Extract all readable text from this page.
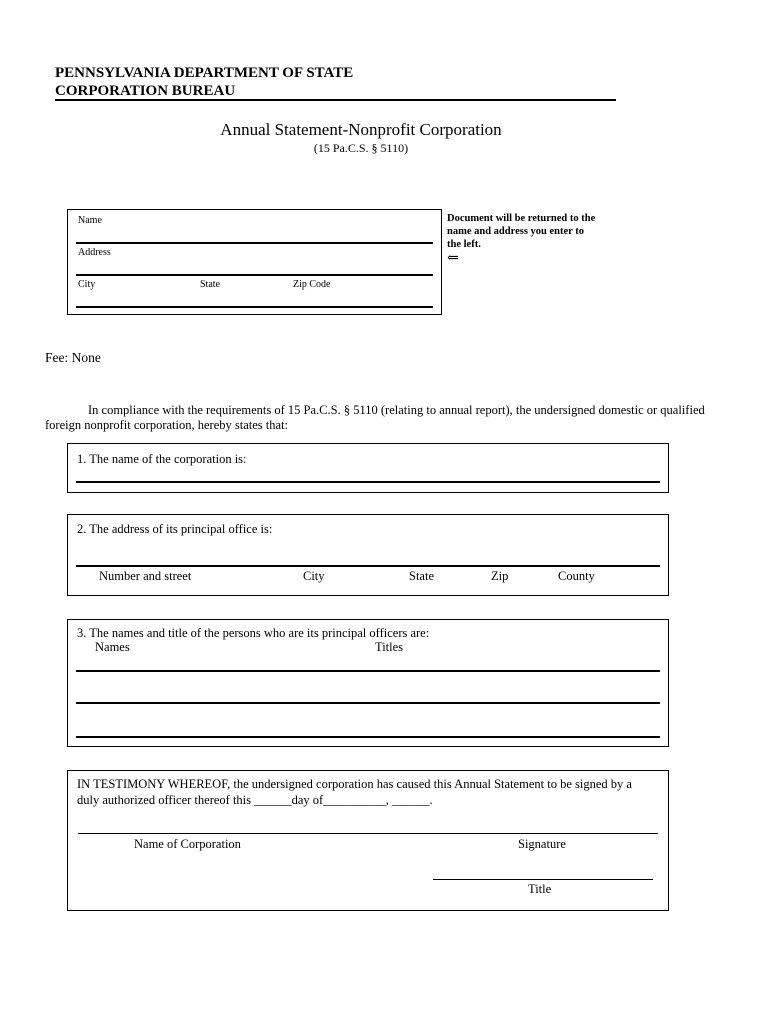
PENNSYLVANIA DEPARTMENT OF STATE
CORPORATION BUREAU
Annual Statement-Nonprofit Corporation
(15 Pa.C.S. § 5110)
Name
Address
City	State	Zip Code
Document will be returned to the
name and address you enter to
the left.
⇐
Fee: None
In compliance with the requirements of 15 Pa.C.S. § 5110 (relating to annual report), the undersigned domestic or qualified
foreign nonprofit corporation, hereby states that:
1. The name of the corporation is:
2. The address of its principal office is:
Number and street	City	State	Zip	County
3. The names and title of the persons who are its principal officers are:
Names	Titles
IN TESTIMONY WHEREOF, the undersigned corporation has caused this Annual Statement to be signed by a
duly authorized officer thereof this ______day of__________, ______.
Name of Corporation	Signature
Title
